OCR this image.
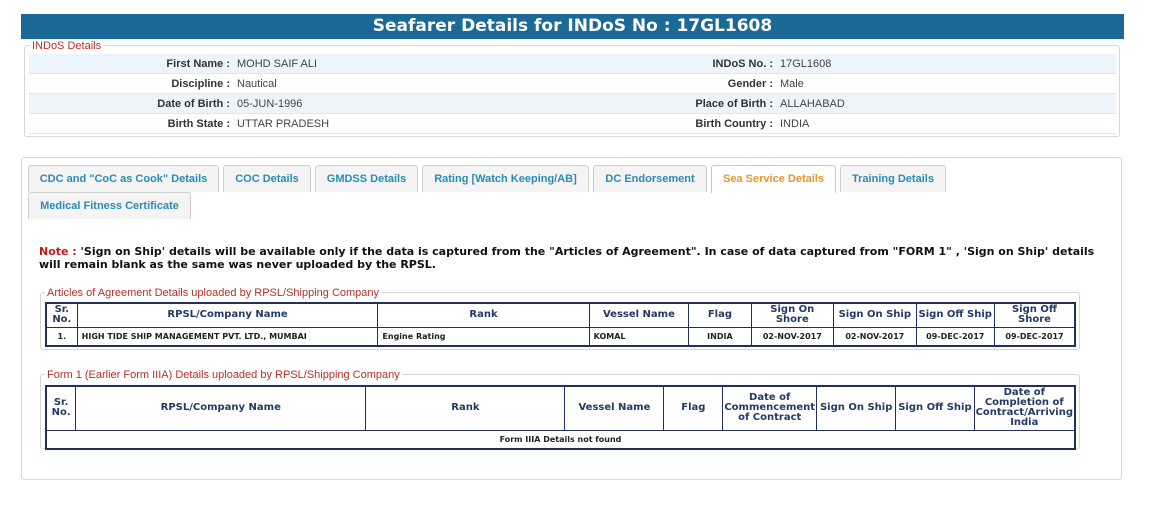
Seafarer Details for INDoS No : 17GL1608
INDoS Details
First Name : MOHD SAIF ALI	INDoS No. : 17GL1608
Discipline : Nautical	Gender : Male
Date of Birth : 05-JUN-1996	Place of Birth : ALLAHABAD
Birth State : UTTAR PRADESH	Birth Country : INDIA
CDC and "CoC as Cook" Details	COC Details	GMDSS Details	Rating [Watch Keeping/AB]	DC Endorsement	Sea Service Details	Training Details
Medical Fitness Certificate
Note : 'Sign on Ship' details will be available only if the data is captured from the "Articles of Agreement". In case of data captured from "FORM 1" , 'Sign on Ship' details will remain blank as the same was never uploaded by the RPSL.
Articles of Agreement Details uploaded by RPSL/Shipping Company
Sr. No.	RPSL/Company Name	Rank	Vessel Name	Flag	Sign On Shore	Sign On Ship	Sign Off Ship	Sign Off Shore
1.	HIGH TIDE SHIP MANAGEMENT PVT. LTD., MUMBAI	Engine Rating	KOMAL	INDIA	02-NOV-2017	02-NOV-2017	09-DEC-2017	09-DEC-2017
Form 1 (Earlier Form IIIA) Details uploaded by RPSL/Shipping Company
Sr. No.	RPSL/Company Name	Rank	Vessel Name	Flag	Date of Commencement of Contract	Sign On Ship	Sign Off Ship	Date of Completion of Contract/Arriving India
Form IIIA Details not found
